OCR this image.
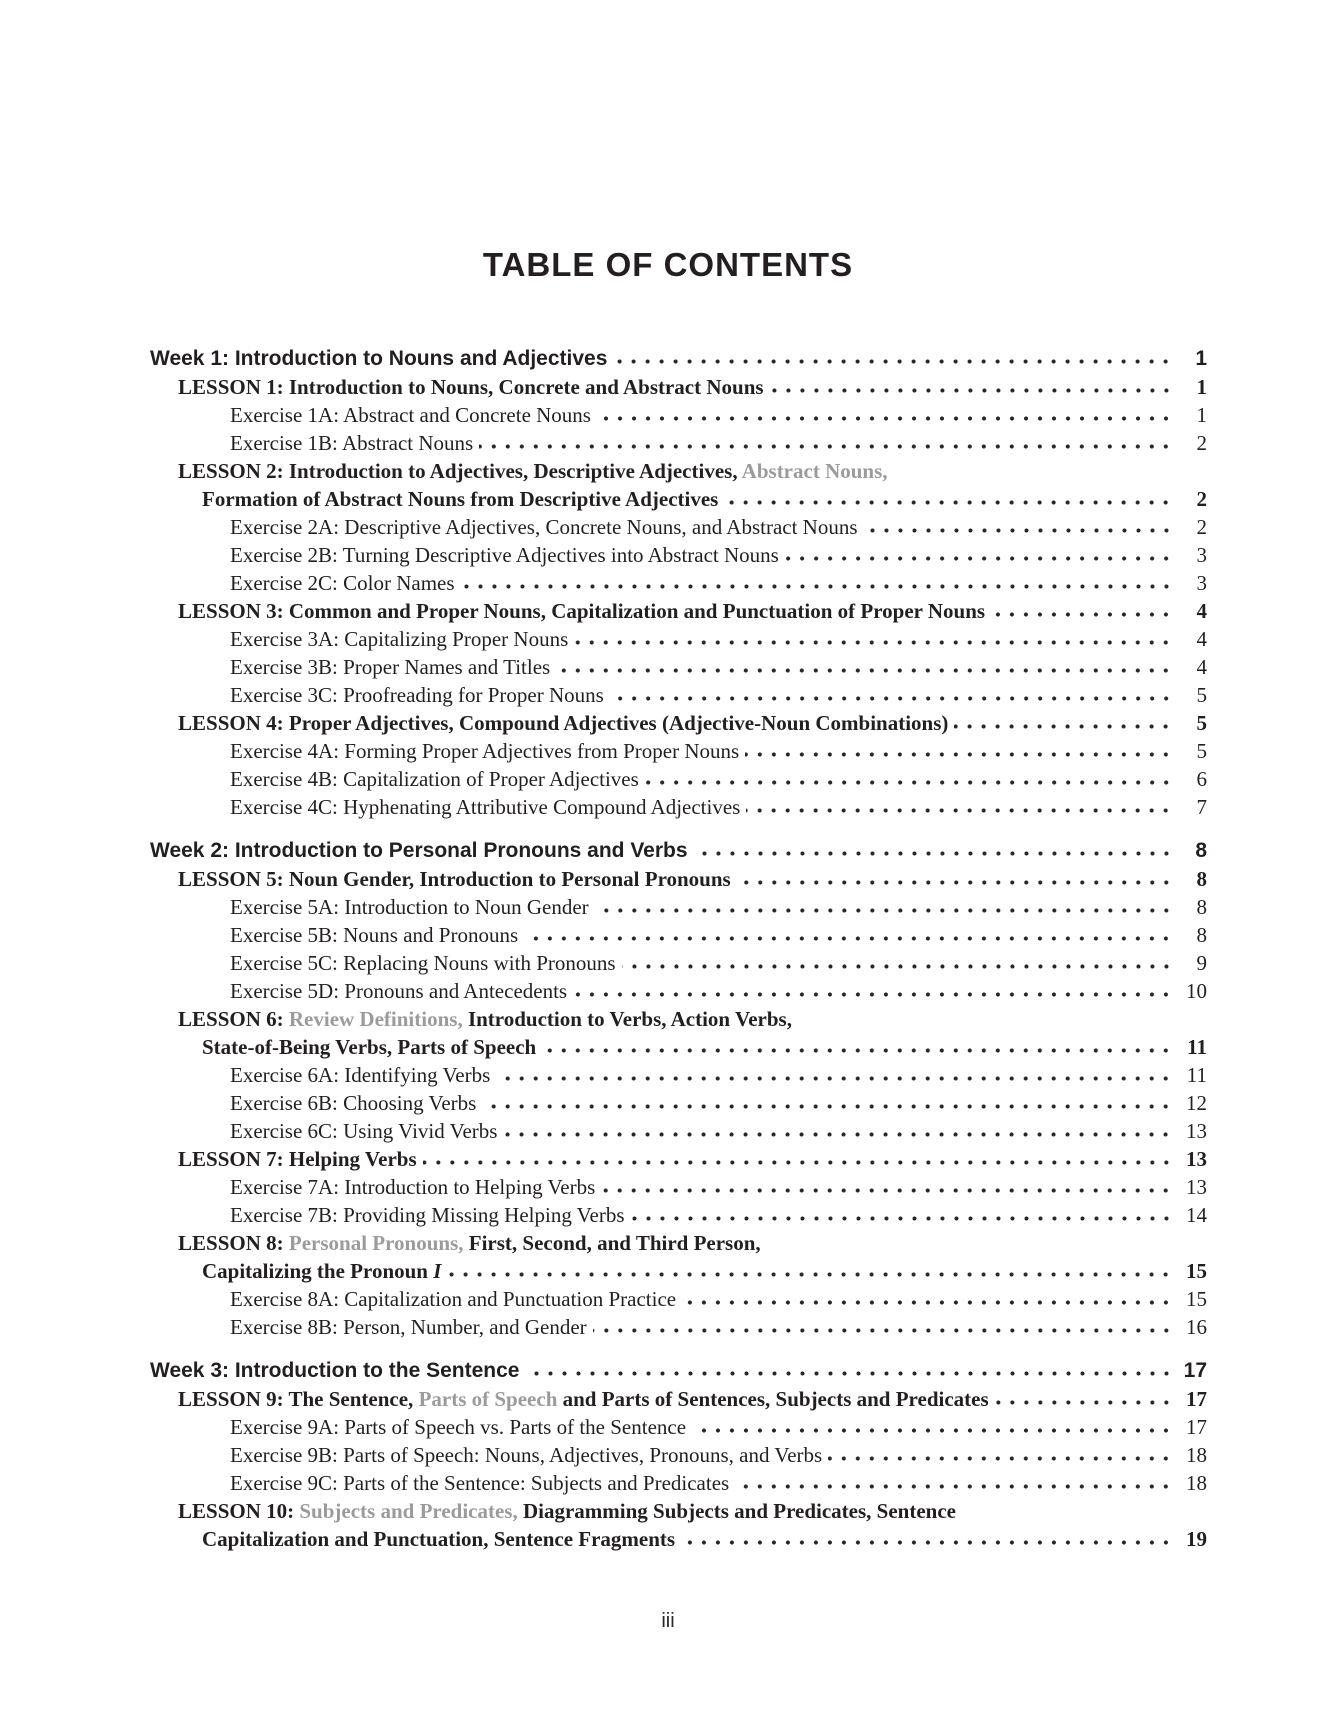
TABLE OF CONTENTS
Week 1: Introduction to Nouns and Adjectives	1
LESSON 1: Introduction to Nouns, Concrete and Abstract Nouns	1
Exercise 1A: Abstract and Concrete Nouns	1
Exercise 1B: Abstract Nouns	2
LESSON 2: Introduction to Adjectives, Descriptive Adjectives, Abstract Nouns,
Formation of Abstract Nouns from Descriptive Adjectives	2
Exercise 2A: Descriptive Adjectives, Concrete Nouns, and Abstract Nouns	2
Exercise 2B: Turning Descriptive Adjectives into Abstract Nouns	3
Exercise 2C: Color Names	3
LESSON 3: Common and Proper Nouns, Capitalization and Punctuation of Proper Nouns	4
Exercise 3A: Capitalizing Proper Nouns	4
Exercise 3B: Proper Names and Titles	4
Exercise 3C: Proofreading for Proper Nouns	5
LESSON 4: Proper Adjectives, Compound Adjectives (Adjective-Noun Combinations)	5
Exercise 4A: Forming Proper Adjectives from Proper Nouns	5
Exercise 4B: Capitalization of Proper Adjectives	6
Exercise 4C: Hyphenating Attributive Compound Adjectives	7
Week 2: Introduction to Personal Pronouns and Verbs	8
LESSON 5: Noun Gender, Introduction to Personal Pronouns	8
Exercise 5A: Introduction to Noun Gender	8
Exercise 5B: Nouns and Pronouns	8
Exercise 5C: Replacing Nouns with Pronouns	9
Exercise 5D: Pronouns and Antecedents	10
LESSON 6: Review Definitions, Introduction to Verbs, Action Verbs,
State-of-Being Verbs, Parts of Speech	11
Exercise 6A: Identifying Verbs	11
Exercise 6B: Choosing Verbs	12
Exercise 6C: Using Vivid Verbs	13
LESSON 7: Helping Verbs	13
Exercise 7A: Introduction to Helping Verbs	13
Exercise 7B: Providing Missing Helping Verbs	14
LESSON 8: Personal Pronouns, First, Second, and Third Person,
Capitalizing the Pronoun I	15
Exercise 8A: Capitalization and Punctuation Practice	15
Exercise 8B: Person, Number, and Gender	16
Week 3: Introduction to the Sentence	17
LESSON 9: The Sentence, Parts of Speech and Parts of Sentences, Subjects and Predicates	17
Exercise 9A: Parts of Speech vs. Parts of the Sentence	17
Exercise 9B: Parts of Speech: Nouns, Adjectives, Pronouns, and Verbs	18
Exercise 9C: Parts of the Sentence: Subjects and Predicates	18
LESSON 10: Subjects and Predicates, Diagramming Subjects and Predicates, Sentence
Capitalization and Punctuation, Sentence Fragments	19
iii
